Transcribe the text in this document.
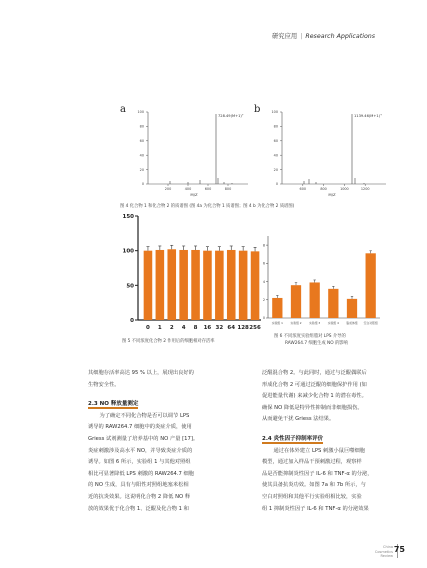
研究应用 | Research Applications
a
0
20
40
60
80
100
200	400	600	800
728.49(M+1)⁺
M/Z
b
0
20
40
60
80
100
600	800	1000	1200
1139.46(M+1)⁺
M/Z
图 4 化合物 1 和化合物 2 的质谱图 (图 4a 为化合物 1 质谱图；图 4 b 为化合物 2 质谱图)
0
50
100
150
0 1 2 4 8 16 32 64 128 256
图 5 不同浓度化合物 2 作用后的细胞相对存活率
0
2
4
6
8
实验组 1	实验组 2	实验组 3	实验组 4	脂质体组 空白对照组
图 6 不同浓度实验组脂对 LPS 介导的
RAW264.7 细胞生成 NO 的影响

其细胞存活率高达 95 % 以上，展现出良好的

生物安全性。

2.3 NO 释放量测定

为了确定不同化合物是否可以调节 LPS

诱导的 RAW264.7 细胞中的炎症介质，使用

Griess 试剂测量了培养基中的 NO 产量 [17]。

炎症刺激涉及高水平 NO，并导致炎症介质的

诱导。如图 6 所示，实验组 1 与其他对照组

相比可显著降低 LPS 刺激的 RAW264.7 细胞

的 NO 生成，具有与阳性对照组地塞米松相

近的抗炎效果。这说明化合物 2 降低 NO 释

放的效果优于化合物 1、泛醌及化合物 1 和

泛醌混合物 2。与此同时，通过与泛醌偶联后

形成化合物 2 可通过泛醌的细胞保护作用 (如

促进能量代谢) 来减少化合物 1 的潜在毒性。

确保 NO 降低是特异性抑制而非细胞损伤。

从而避免干扰 Griess 法结果。

2.4 炎性因子抑制率评价

通过在体外建立 LPS 刺激小鼠巨噬细胞

模型，通过加入样品干预刺激过程，观察样

品是否能抑制炎性因子 IL-6 和 TNF-α 的分泌，

使其具备抗炎功效。如图 7a 和 7b 所示，与

空白对照组和其他平行实验组相比较，实验

组 1 抑制炎性因子 IL-6 和 TNF-α 的分泌效果

China
Cosmetics
Review
75
